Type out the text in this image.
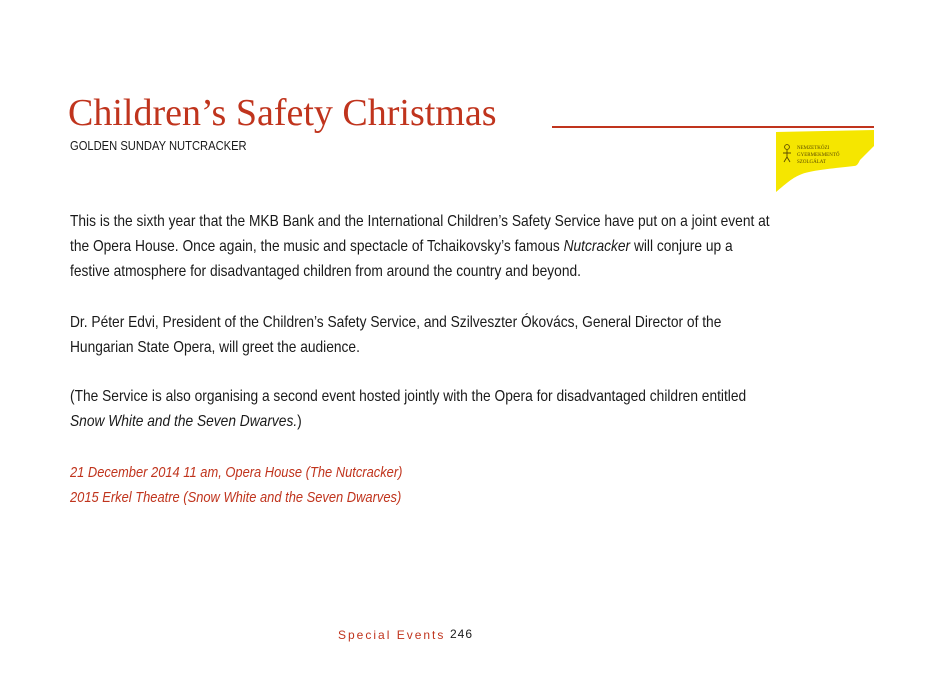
Children’s Safety Christmas
GOLDEN SUNDAY NUTCRACKER	NEMZETKÖZI
GYERMEKMENTŐ SZOLGÁLAT

This is the sixth year that the MKB Bank and the International Children’s Safety Service have put on a joint event at the Opera House. Once again, the music and spectacle of Tchaikovsky’s famous Nutcracker will conjure up a festive atmosphere for disadvantaged children from around the country and beyond.

Dr. Péter Edvi, President of the Children’s Safety Service, and Szilveszter Ókovács, General Director of the Hungarian State Opera, will greet the audience.

(The Service is also organising a second event hosted jointly with the Opera for disadvantaged children entitled Snow White and the Seven Dwarves.)

21 December 2014 11 am, Opera House (The Nutcracker)
2015 Erkel Theatre (Snow White and the Seven Dwarves)
Special Events 246
